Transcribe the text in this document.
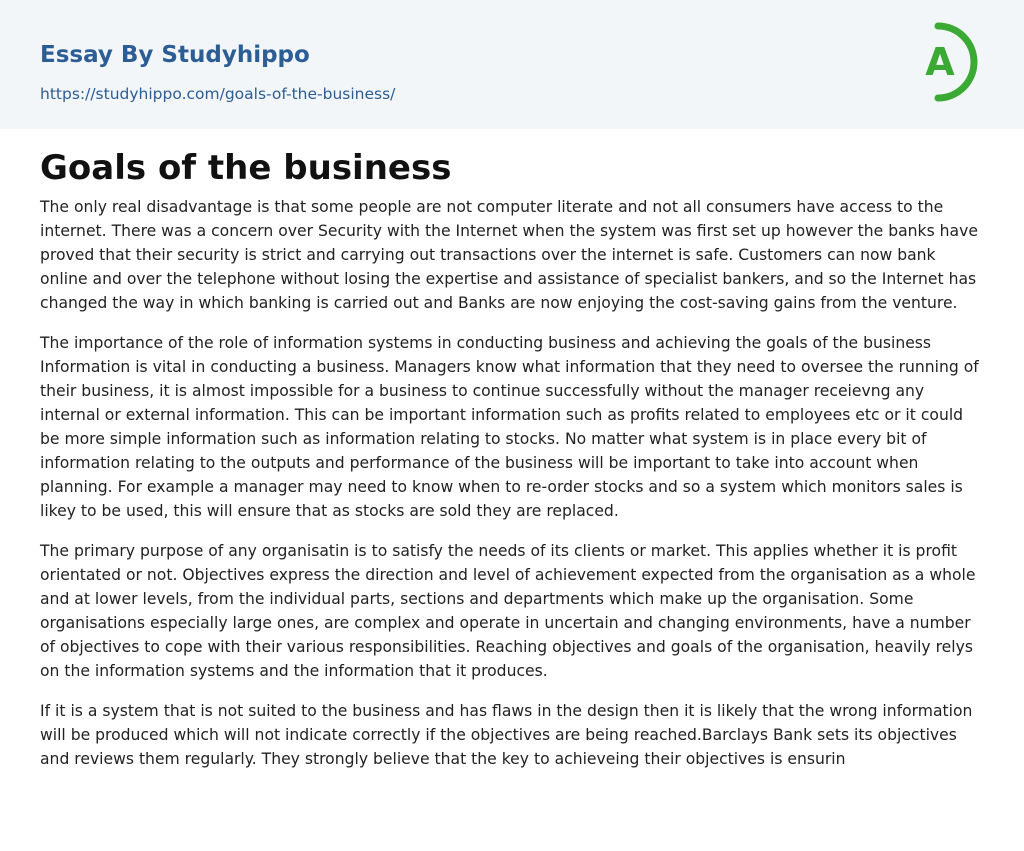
Essay By Studyhippo
https://studyhippo.com/goals-of-the-business/
A
Goals of the business

The only real disadvantage is that some people are not computer literate and not all consumers have access to the internet. There was a concern over Security with the Internet when the system was first set up however the banks have proved that their security is strict and carrying out transactions over the internet is safe. Customers can now bank online and over the telephone without losing the expertise and assistance of specialist bankers, and so the Internet has changed the way in which banking is carried out and Banks are now enjoying the cost-saving gains from the venture.

The importance of the role of information systems in conducting business and achieving the goals of the business Information is vital in conducting a business. Managers know what information that they need to oversee the running of their business, it is almost impossible for a business to continue successfully without the manager receievng any internal or external information. This can be important information such as profits related to employees etc or it could be more simple information such as information relating to stocks. No matter what system is in place every bit of information relating to the outputs and performance of the business will be important to take into account when planning. For example a manager may need to know when to re-order stocks and so a system which monitors sales is likey to be used, this will ensure that as stocks are sold they are replaced.

The primary purpose of any organisatin is to satisfy the needs of its clients or market. This applies whether it is profit orientated or not. Objectives express the direction and level of achievement expected from the organisation as a whole and at lower levels, from the individual parts, sections and departments which make up the organisation. Some organisations especially large ones, are complex and operate in uncertain and changing environments, have a number of objectives to cope with their various responsibilities. Reaching objectives and goals of the organisation, heavily relys on the information systems and the information that it produces.

If it is a system that is not suited to the business and has flaws in the design then it is likely that the wrong information will be produced which will not indicate correctly if the objectives are being reached.Barclays Bank sets its objectives and reviews them regularly. They strongly believe that the key to achieveing their objectives is ensurin
